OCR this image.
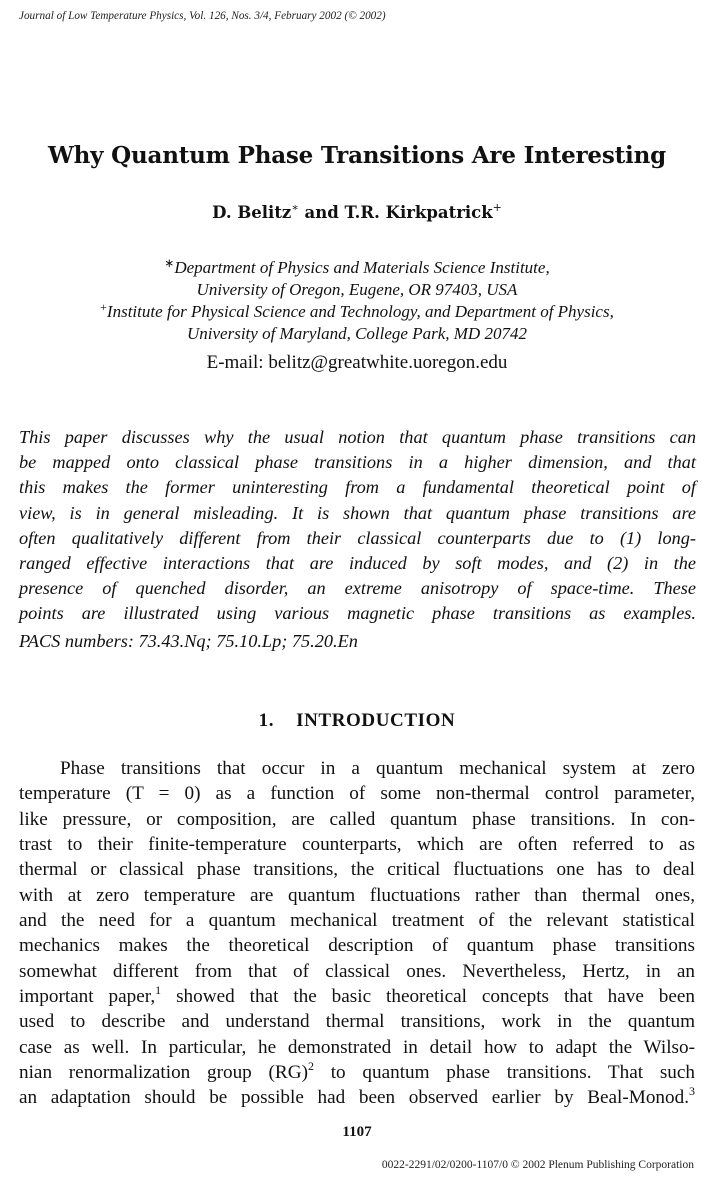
Journal of Low Temperature Physics, Vol. 126, Nos. 3/4, February 2002 (© 2002)
Why Quantum Phase Transitions Are Interesting
D. Belitz∗ and T.R. Kirkpatrick+
∗Department of Physics and Materials Science Institute,
University of Oregon, Eugene, OR 97403, USA
+Institute for Physical Science and Technology, and Department of Physics,
University of Maryland, College Park, MD 20742
E-mail: belitz@greatwhite.uoregon.edu
This paper discusses why the usual notion that quantum phase transitions can
be mapped onto classical phase transitions in a higher dimension, and that
this makes the former uninteresting from a fundamental theoretical point of
view, is in general misleading. It is shown that quantum phase transitions are
often qualitatively different from their classical counterparts due to (1) long-
ranged effective interactions that are induced by soft modes, and (2) in the
presence of quenched disorder, an extreme anisotropy of space-time. These
points are illustrated using various magnetic phase transitions as examples.
PACS numbers: 73.43.Nq; 75.10.Lp; 75.20.En
1. INTRODUCTION
Phase transitions that occur in a quantum mechanical system at zero
temperature (T = 0) as a function of some non-thermal control parameter,
like pressure, or composition, are called quantum phase transitions. In con-
trast to their finite-temperature counterparts, which are often referred to as
thermal or classical phase transitions, the critical fluctuations one has to deal
with at zero temperature are quantum fluctuations rather than thermal ones,
and the need for a quantum mechanical treatment of the relevant statistical
mechanics makes the theoretical description of quantum phase transitions
somewhat different from that of classical ones. Nevertheless, Hertz, in an
important paper,$^1$ showed that the basic theoretical concepts that have been
used to describe and understand thermal transitions, work in the quantum
case as well. In particular, he demonstrated in detail how to adapt the Wilso-
nian renormalization group (RG)$^2$ to quantum phase transitions. That such
an adaptation should be possible had been observed earlier by Beal-Monod.$^3$
1107
0022-2291/02/0200-1107/0 © 2002 Plenum Publishing Corporation
